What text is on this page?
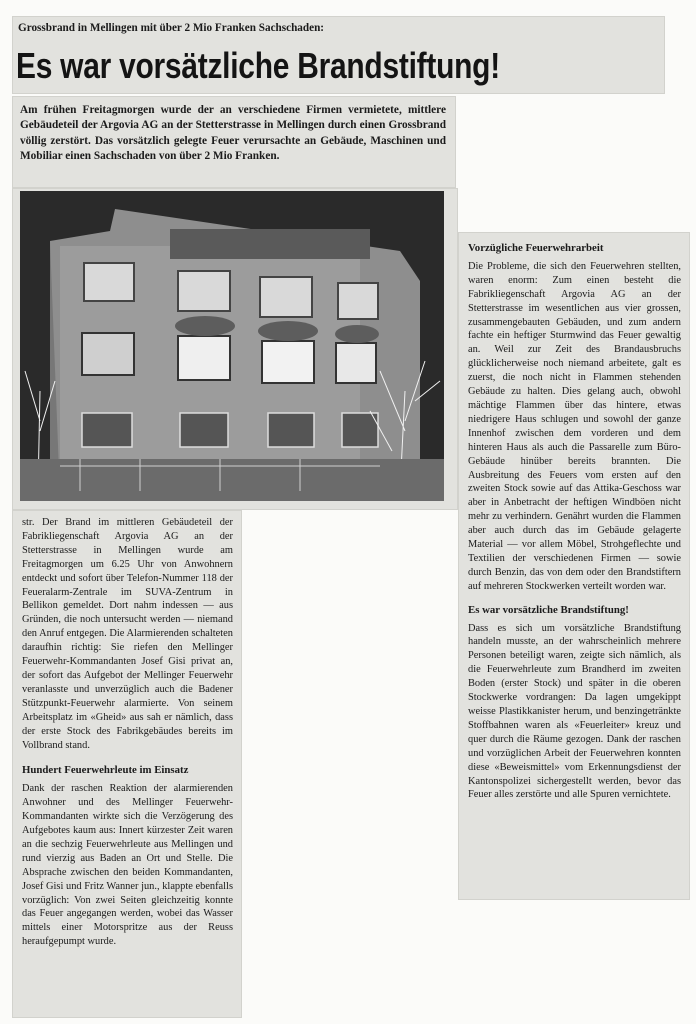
Grossbrand in Mellingen mit über 2 Mio Franken Sachschaden:
Es war vorsätzliche Brandstiftung!
Am frühen Freitagmorgen wurde der an verschiedene Firmen vermietete, mittlere Gebäudeteil der Argovia AG an der Stetterstrasse in Mellingen durch einen Grossbrand völlig zerstört. Das vorsätzlich gelegte Feuer verursachte an Gebäude, Maschinen und Mobiliar einen Sachschaden von über 2 Mio Franken.

str. Der Brand im mittleren Gebäudeteil der Fabrikliegenschaft Argovia AG an der Stetterstrasse in Mellingen wurde am Freitagmorgen um 6.25 Uhr von Anwohnern entdeckt und sofort über Telefon-Nummer 118 der Feueralarm-Zentrale im SUVA-Zentrum in Bellikon gemeldet. Dort nahm indessen — aus Gründen, die noch untersucht werden — niemand den Anruf entgegen. Die Alarmierenden schalteten daraufhin richtig: Sie riefen den Mellinger Feuerwehr-Kommandanten Josef Gisi privat an, der sofort das Aufgebot der Mellinger Feuerwehr veranlasste und unverzüglich auch die Badener Stützpunkt-Feuerwehr alarmierte. Von seinem Arbeitsplatz im «Gheid» aus sah er nämlich, dass der erste Stock des Fabrikgebäudes bereits im Vollbrand stand.

Hundert Feuerwehrleute im Einsatz

Dank der raschen Reaktion der alarmierenden Anwohner und des Mellinger Feuerwehr-Kommandanten wirkte sich die Verzögerung des Aufgebotes kaum aus: Innert kürzester Zeit waren an die sechzig Feuerwehrleute aus Mellingen und rund vierzig aus Baden an Ort und Stelle. Die Absprache zwischen den beiden Kommandanten, Josef Gisi und Fritz Wanner jun., klappte ebenfalls vorzüglich: Von zwei Seiten gleichzeitig konnte das Feuer angegangen werden, wobei das Wasser mittels einer Motorspritze aus der Reuss heraufgepumpt wurde.

Vorzügliche Feuerwehrarbeit

Die Probleme, die sich den Feuerwehren stellten, waren enorm: Zum einen besteht die Fabrikliegenschaft Argovia AG an der Stetterstrasse im wesentlichen aus vier grossen, zusammengebauten Gebäuden, und zum andern fachte ein heftiger Sturmwind das Feuer gewaltig an. Weil zur Zeit des Brandausbruchs glücklicherweise noch niemand arbeitete, galt es zuerst, die noch nicht in Flammen stehenden Gebäude zu halten. Dies gelang auch, obwohl mächtige Flammen über das hintere, etwas niedrigere Haus schlugen und sowohl der ganze Innenhof zwischen dem vorderen und dem hinteren Haus als auch die Passarelle zum Büro-Gebäude hinüber bereits brannten. Die Ausbreitung des Feuers vom ersten auf den zweiten Stock sowie auf das Attika-Geschoss war aber in Anbetracht der heftigen Windböen nicht mehr zu verhindern. Genährt wurden die Flammen aber auch durch das im Gebäude gelagerte Material — vor allem Möbel, Strohgeflechte und Textilien der verschiedenen Firmen — sowie durch Benzin, das von dem oder den Brandstiftern auf mehreren Stockwerken verteilt worden war.

Es war vorsätzliche Brandstiftung!

Dass es sich um vorsätzliche Brandstiftung handeln musste, an der wahrscheinlich mehrere Personen beteiligt waren, zeigte sich nämlich, als die Feuerwehrleute zum Brandherd im zweiten Boden (erster Stock) und später in die oberen Stockwerke vordrangen: Da lagen umgekippt weisse Plastikkanister herum, und benzingetränkte Stoffbahnen waren als «Feuerleiter» kreuz und quer durch die Räume gezogen. Dank der raschen und vorzüglichen Arbeit der Feuerwehren konnten diese «Beweismittel» vom Erkennungsdienst der Kantonspolizei sichergestellt werden, bevor das Feuer alles zerstörte und alle Spuren vernichtete.
